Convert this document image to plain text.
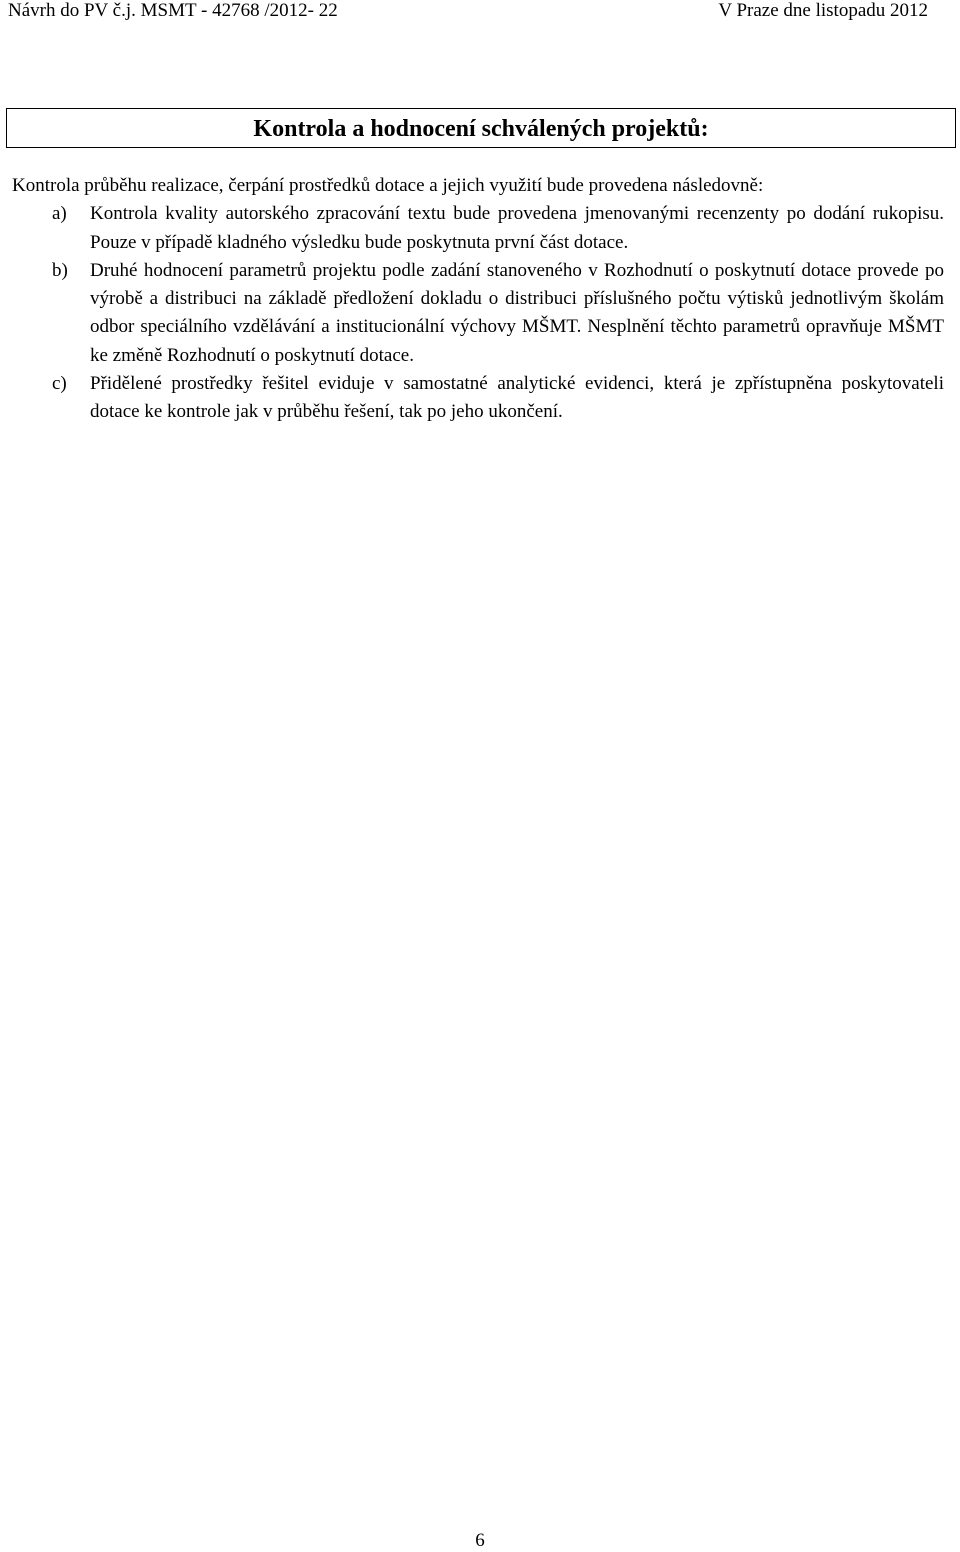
Návrh do PV č.j. MSMT - 42768 /2012- 22	V Praze dne listopadu 2012
Kontrola a hodnocení schválených projektů:

Kontrola průběhu realizace, čerpání prostředků dotace a jejich využití bude provedena následovně:

a) Kontrola kvality autorského zpracování textu bude provedena jmenovanými recenzenty po dodání rukopisu. Pouze v případě kladného výsledku bude poskytnuta první část dotace.
b) Druhé hodnocení parametrů projektu podle zadání stanoveného v Rozhodnutí o poskytnutí dotace provede po výrobě a distribuci na základě předložení dokladu o distribuci příslušného počtu výtisků jednotlivým školám odbor speciálního vzdělávání a institucionální výchovy MŠMT. Nesplnění těchto parametrů opravňuje MŠMT ke změně Rozhodnutí o poskytnutí dotace.
c) Přidělené prostředky řešitel eviduje v samostatné analytické evidenci, která je zpřístupněna poskytovateli dotace ke kontrole jak v průběhu řešení, tak po jeho ukončení.
6
